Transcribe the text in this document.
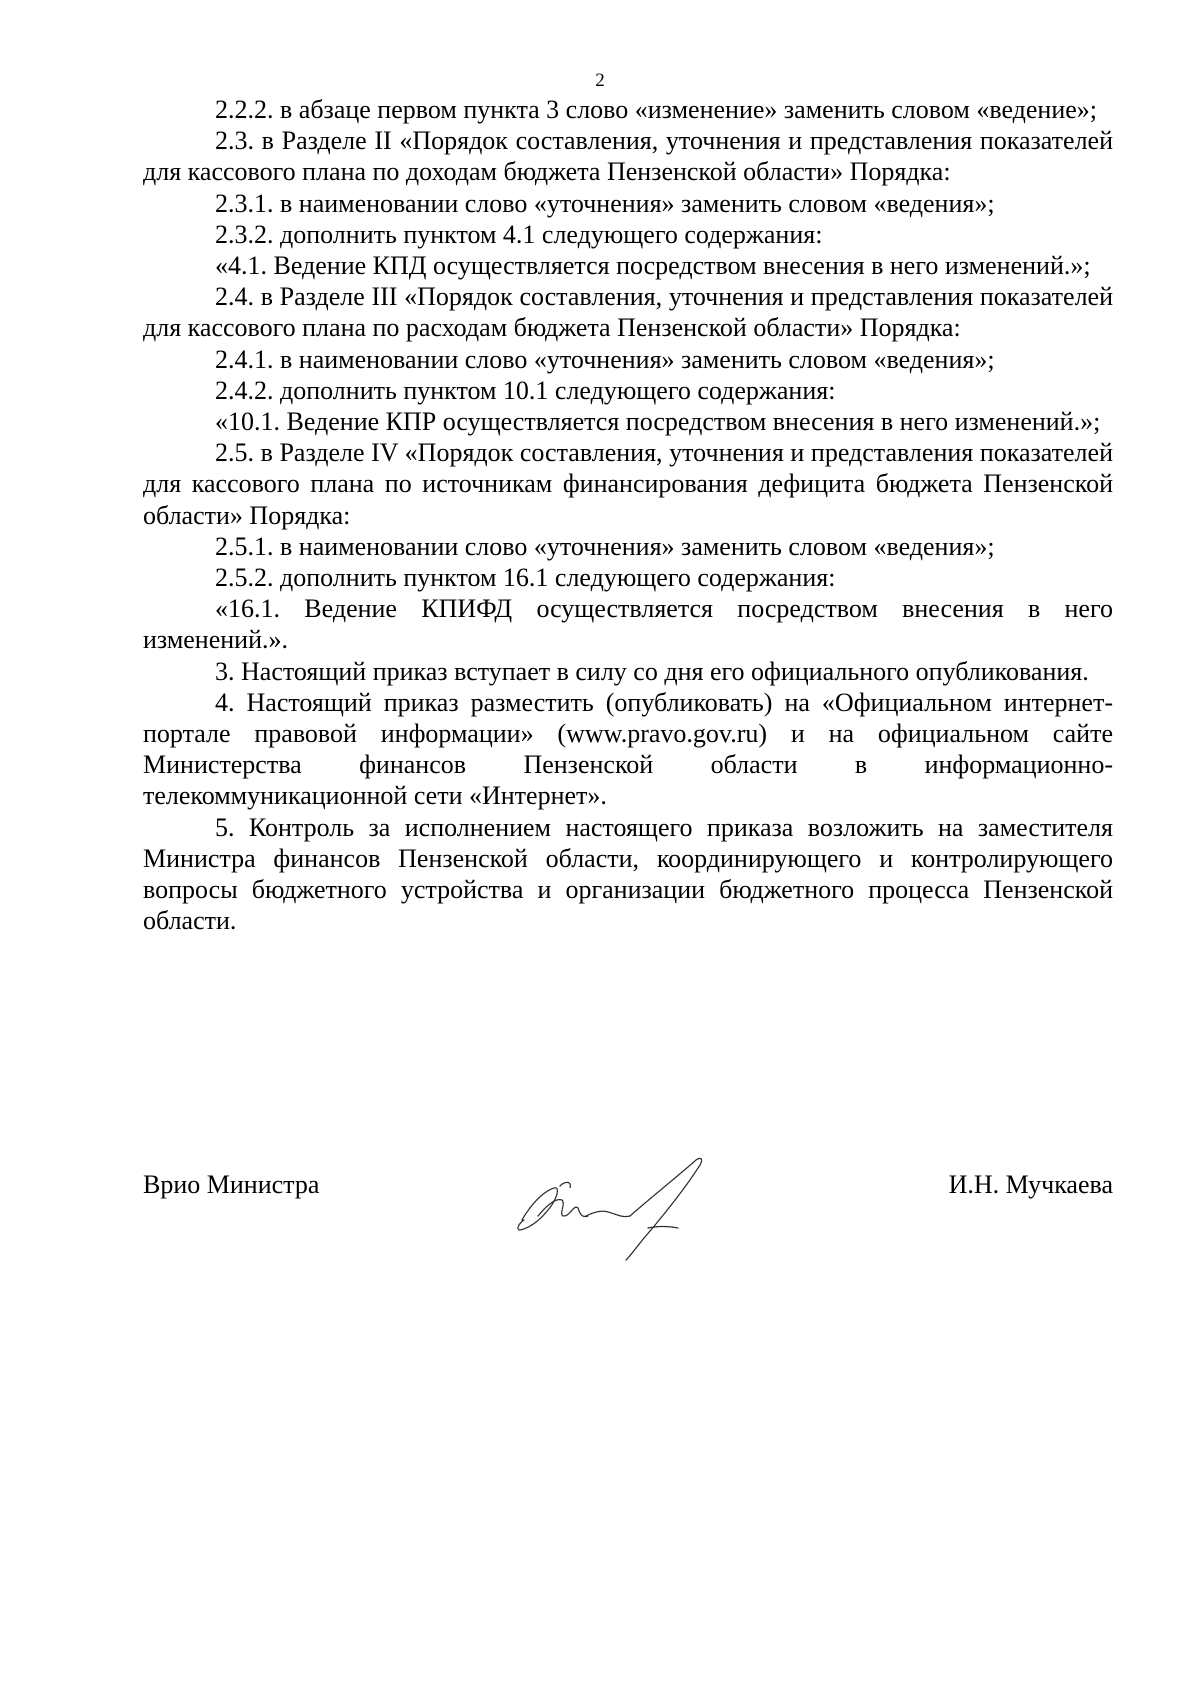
2

2.2.2. в абзаце первом пункта 3 слово «изменение» заменить словом «ведение»;

2.3. в Разделе II «Порядок составления, уточнения и представления показателей для кассового плана по доходам бюджета Пензенской области» Порядка:

2.3.1. в наименовании слово «уточнения» заменить словом «ведения»;

2.3.2. дополнить пунктом 4.1 следующего содержания:

«4.1. Ведение КПД осуществляется посредством внесения в него изменений.»;

2.4. в Разделе III «Порядок составления, уточнения и представления показателей для кассового плана по расходам бюджета Пензенской области» Порядка:

2.4.1. в наименовании слово «уточнения» заменить словом «ведения»;

2.4.2. дополнить пунктом 10.1 следующего содержания:

«10.1. Ведение КПР осуществляется посредством внесения в него изменений.»;

2.5. в Разделе IV «Порядок составления, уточнения и представления показателей для кассового плана по источникам финансирования дефицита бюджета Пензенской области» Порядка:

2.5.1. в наименовании слово «уточнения» заменить словом «ведения»;

2.5.2. дополнить пунктом 16.1 следующего содержания:

«16.1. Ведение КПИФД осуществляется посредством внесения в него изменений.».

3. Настоящий приказ вступает в силу со дня его официального опубликования.

4. Настоящий приказ разместить (опубликовать) на «Официальном интернет-портале правовой информации» (www.pravo.gov.ru) и на официальном сайте Министерства финансов Пензенской области в информационно-телекоммуникационной сети «Интернет».

5. Контроль за исполнением настоящего приказа возложить на заместителя Министра финансов Пензенской области, координирующего и контролирующего вопросы бюджетного устройства и организации бюджетного процесса Пензенской области.

Врио Министра	И.Н. Мучкаева
